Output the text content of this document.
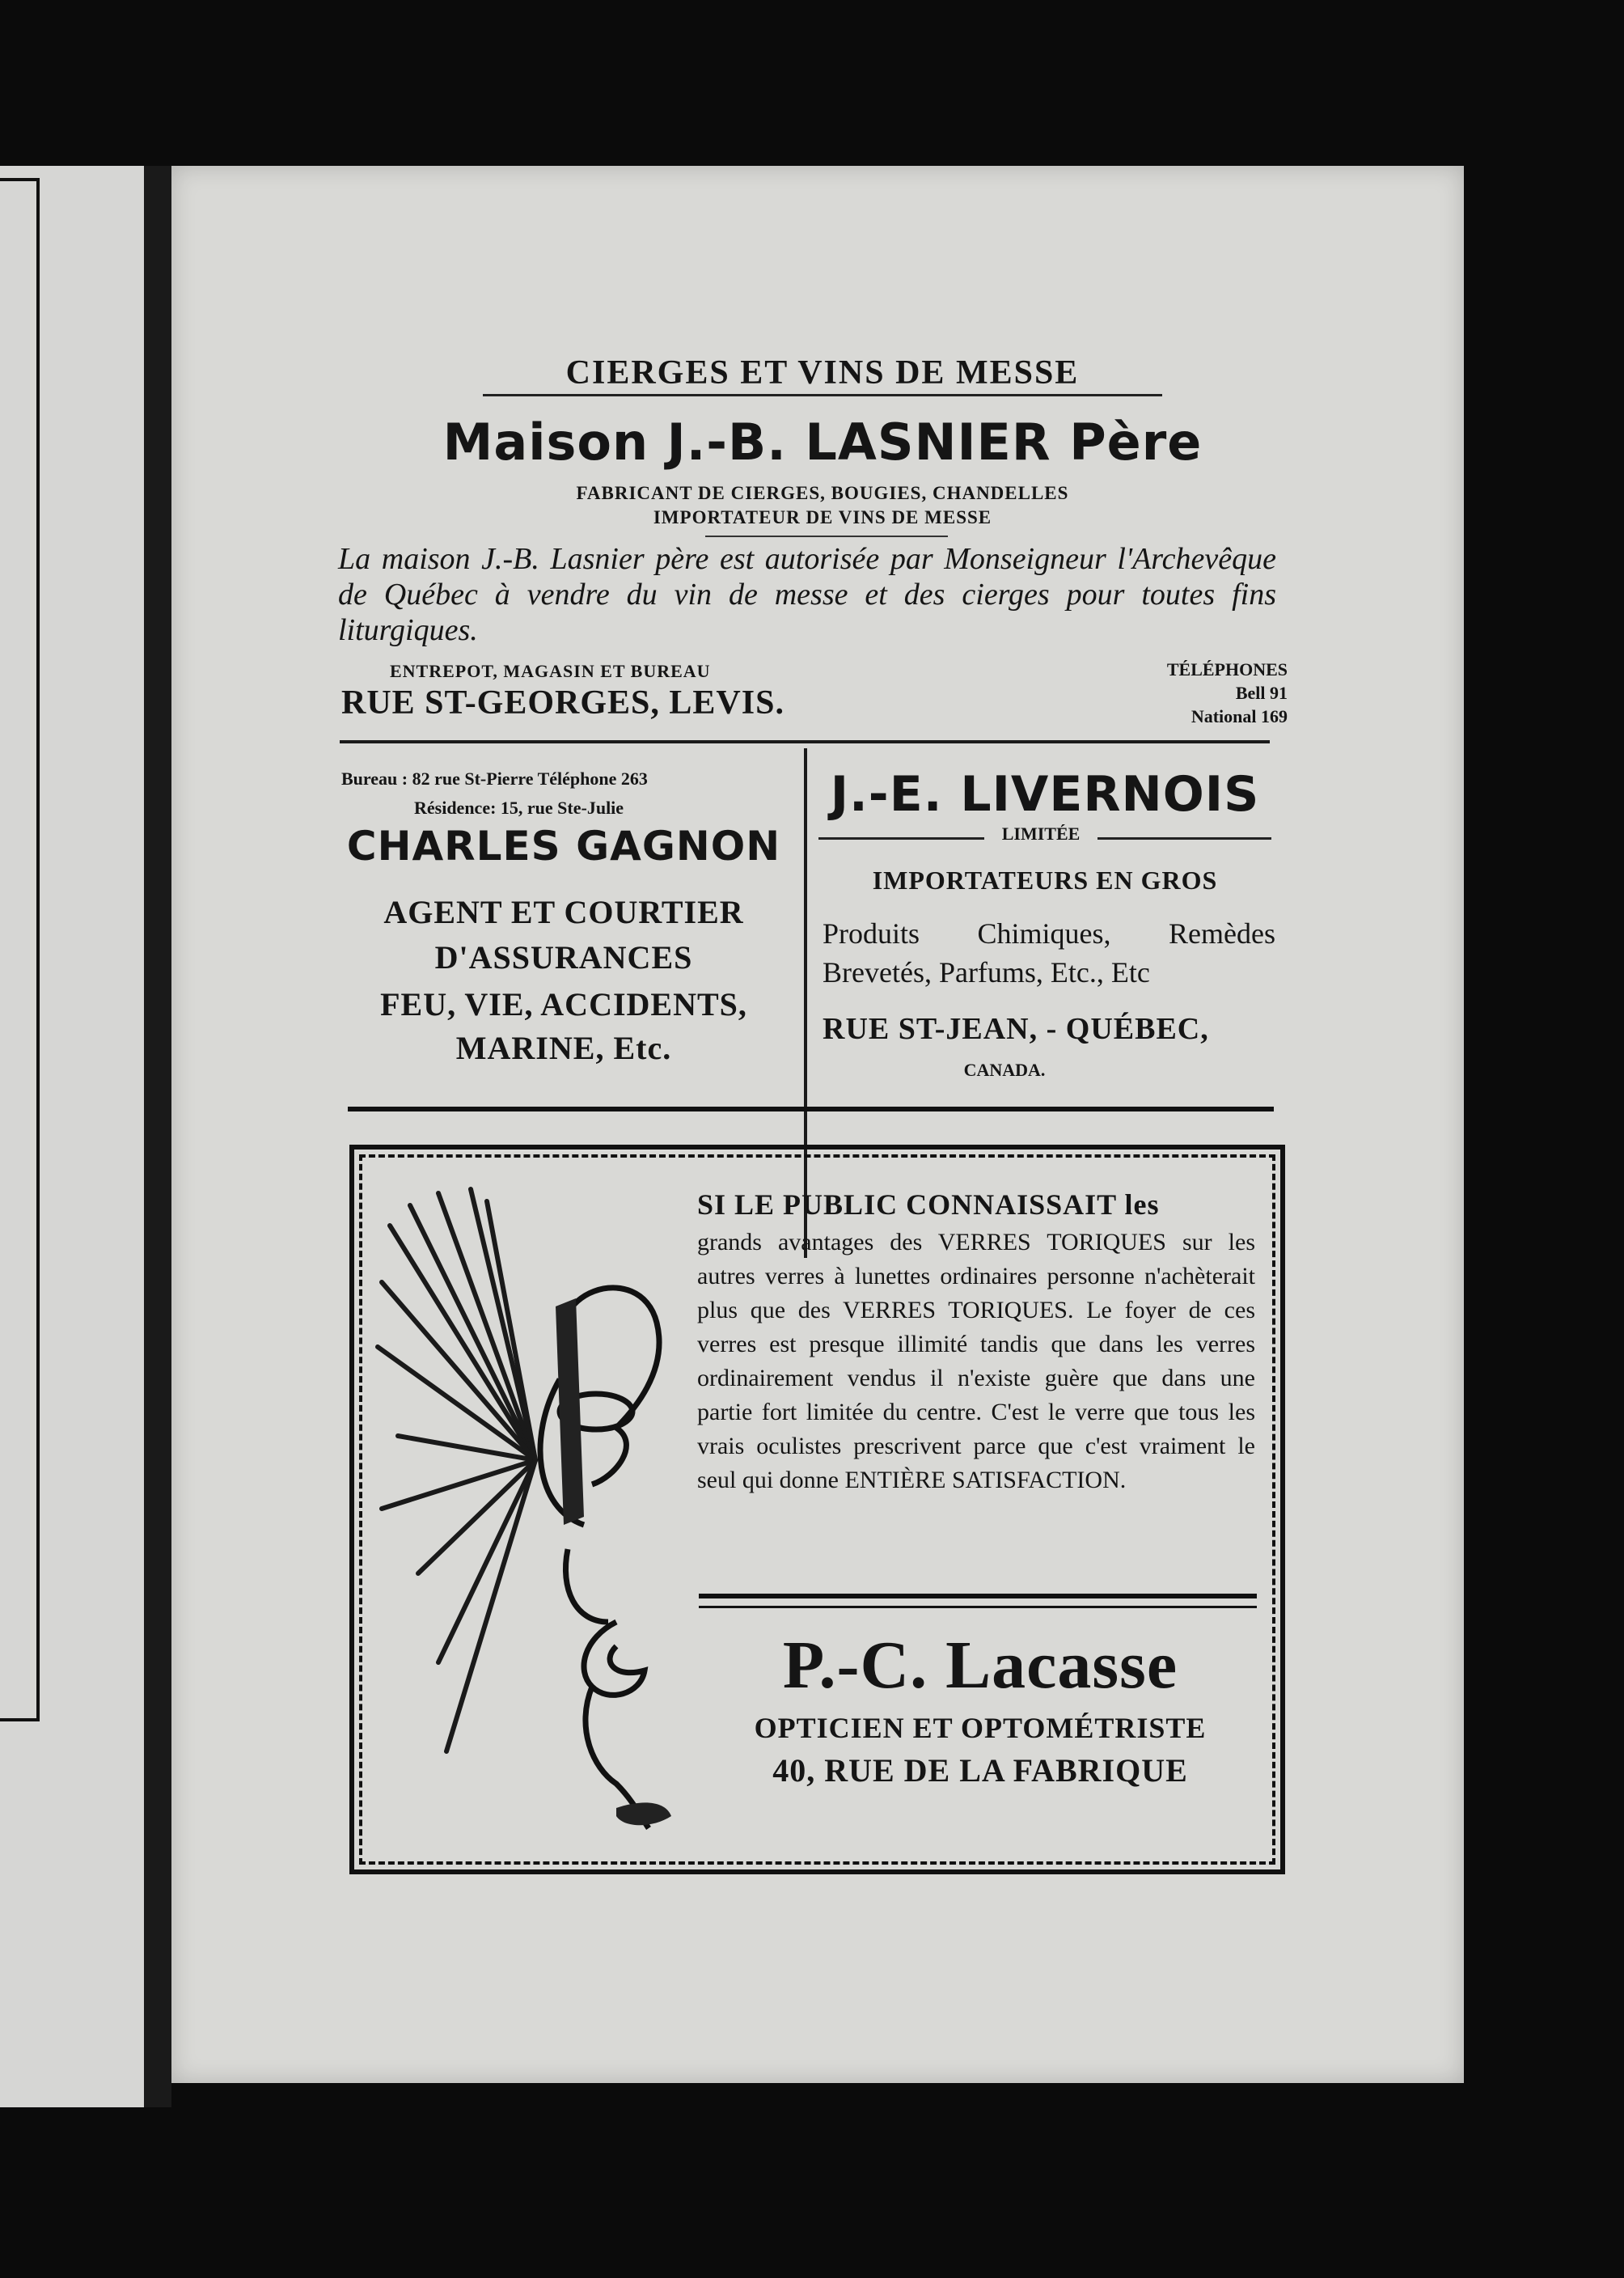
CIERGES ET VINS DE MESSE
Maison J.-B. LASNIER Père
FABRICANT DE CIERGES, BOUGIES, CHANDELLES
IMPORTATEUR DE VINS DE MESSE
La maison J.-B. Lasnier père est autorisée par Monseigneur l'Archevêque de Québec à vendre du vin de messe et des cierges pour toutes fins liturgiques.
ENTREPOT, MAGASIN ET BUREAU
RUE ST-GEORGES, LEVIS.
TÉLÉPHONES
Bell 91
National 169
Bureau : 82 rue St-Pierre Téléphone 263
Résidence: 15, rue Ste-Julie
CHARLES GAGNON
AGENT ET COURTIER
D'ASSURANCES
FEU, VIE, ACCIDENTS,
MARINE, Etc.
J.-E. LIVERNOIS
LIMITÉE
IMPORTATEURS EN GROS
Produits Chimiques, Remèdes Brevetés, Parfums, Etc., Etc
RUE ST-JEAN, - QUÉBEC,
CANADA.
SI LE PUBLIC CONNAISSAIT les
grands avantages des VERRES TORIQUES sur les autres verres à lunettes ordinaires personne n'achèterait plus que des VERRES TORIQUES. Le foyer de ces verres est presque illimité tandis que dans les verres ordinairement vendus il n'existe guère que dans une partie fort limitée du centre. C'est le verre que tous les vrais oculistes prescrivent parce que c'est vraiment le seul qui donne ENTIÈRE SATISFACTION.
P.-C. Lacasse
OPTICIEN ET OPTOMÉTRISTE
40, RUE DE LA FABRIQUE
